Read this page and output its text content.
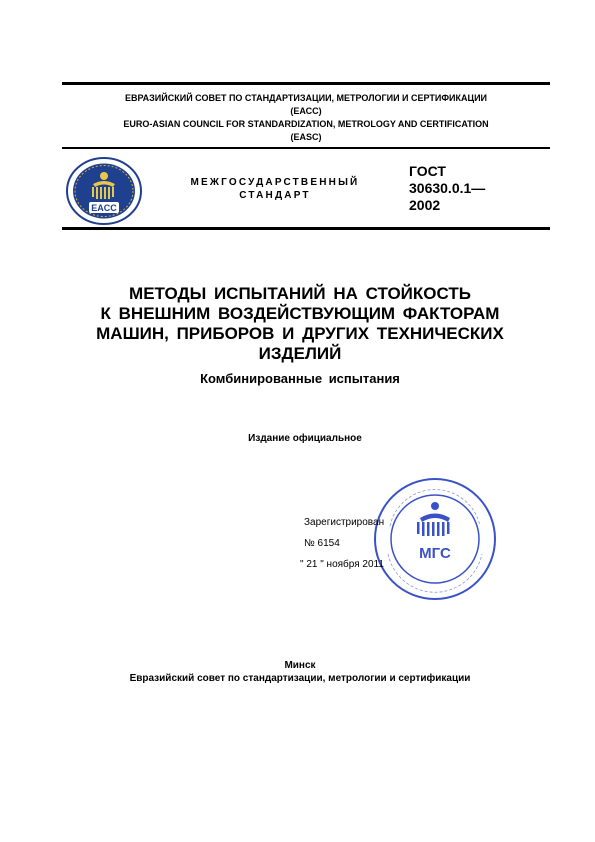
ЕВРАЗИЙСКИЙ СОВЕТ ПО СТАНДАРТИЗАЦИИ, МЕТРОЛОГИИ И СЕРТИФИКАЦИИ
(ЕАСС)
EURO-ASIAN COUNCIL FOR STANDARDIZATION, METROLOGY AND CERTIFICATION
(EASC)
EACC
МЕЖГОСУДАРСТВЕННЫЙ
СТАНДАРТ
ГОСТ
30630.0.1—
2002
МЕТОДЫ ИСПЫТАНИЙ НА СТОЙКОСТЬ
К ВНЕШНИМ ВОЗДЕЙСТВУЮЩИМ ФАКТОРАМ
МАШИН, ПРИБОРОВ И ДРУГИХ ТЕХНИЧЕСКИХ
ИЗДЕЛИЙ
Комбинированные испытания
Издание официальное
МГС
Зарегистрирован
№ 6154
" 21 " ноября 2011
Минск
Евразийский совет по стандартизации, метрологии и сертификации
